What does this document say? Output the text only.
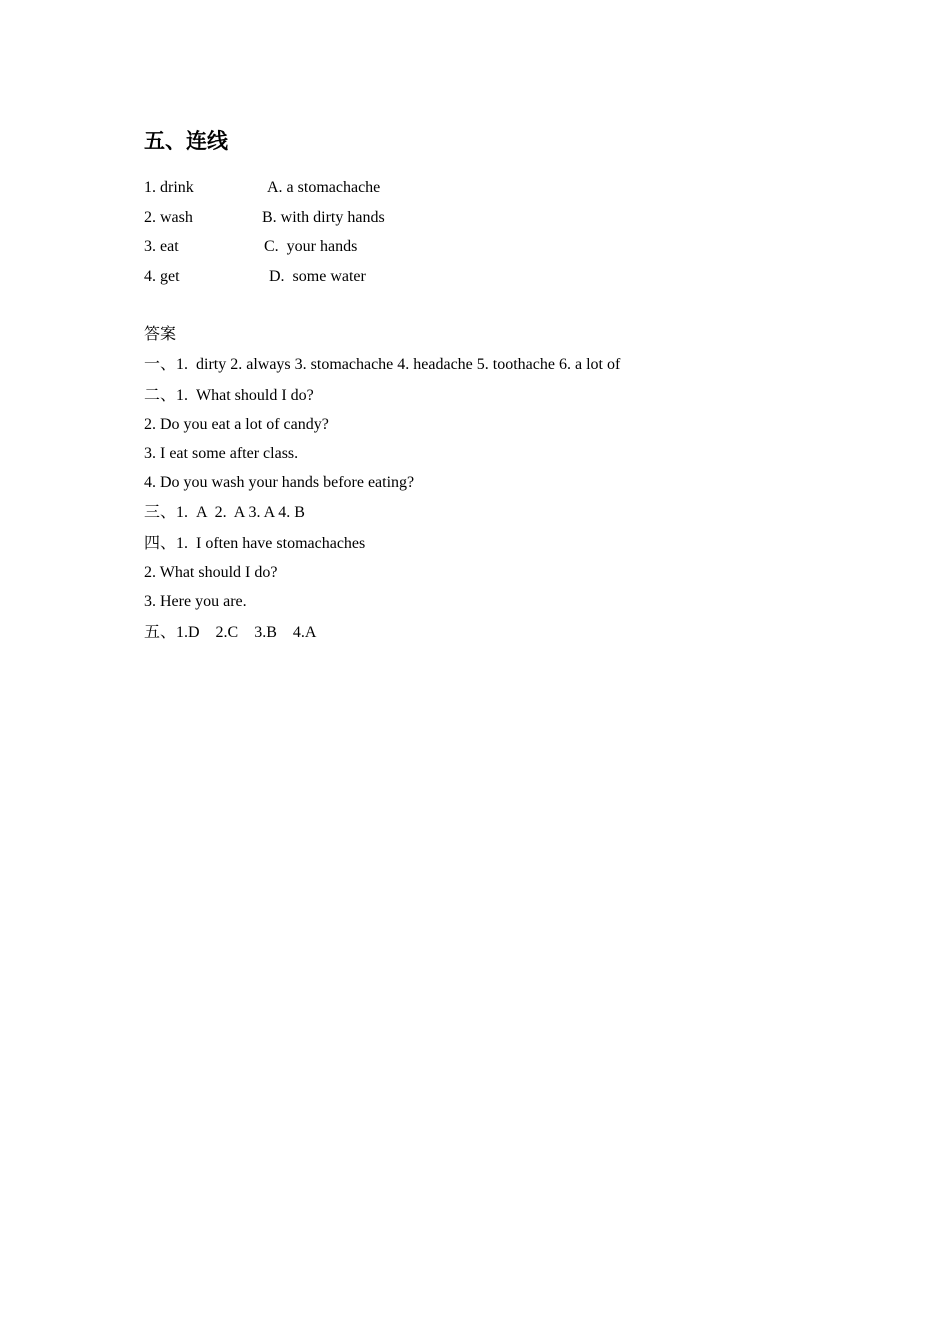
五、连线
1. drink	A. a stomachache
2. wash	B. with dirty hands
3. eat	C.  your hands
4. get	D.  some water
答案
一、1.  dirty 2. always 3. stomachache 4. headache 5. toothache 6. a lot of
二、1.  What should I do?
2. Do you eat a lot of candy?
3. I eat some after class.
4. Do you wash your hands before eating?
三、1.  A  2.  A 3. A 4. B
四、1.  I often have stomachaches
2. What should I do?
3. Here you are.
五、1.D    2.C    3.B    4.A
